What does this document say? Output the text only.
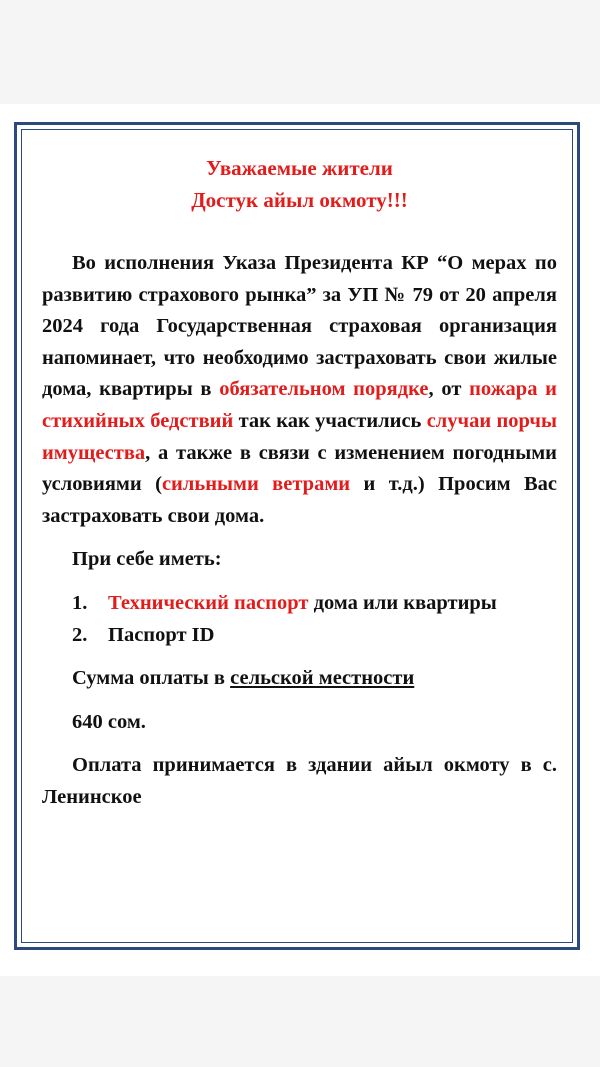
Уважаемые жители
Достук айыл окмоту!!!

Во исполнения Указа Президента КР “О мерах по развитию страхового рынка” за УП № 79 от 20 апреля 2024 года Государственная страховая организация напоминает, что необходимо застраховать свои жилые дома, квартиры в обязательном порядке, от пожара и стихийных бедствий так как участились случаи порчы имущества, а также в связи с изменением погодными условиями (сильными ветрами и т.д.) Просим Вас застраховать свои дома.

При себе иметь:

1. Технический паспорт дома или квартиры
2. Паспорт ID

Сумма оплаты в сельской местности

640 сом.

Оплата принимается в здании айыл окмоту в с. Ленинское
